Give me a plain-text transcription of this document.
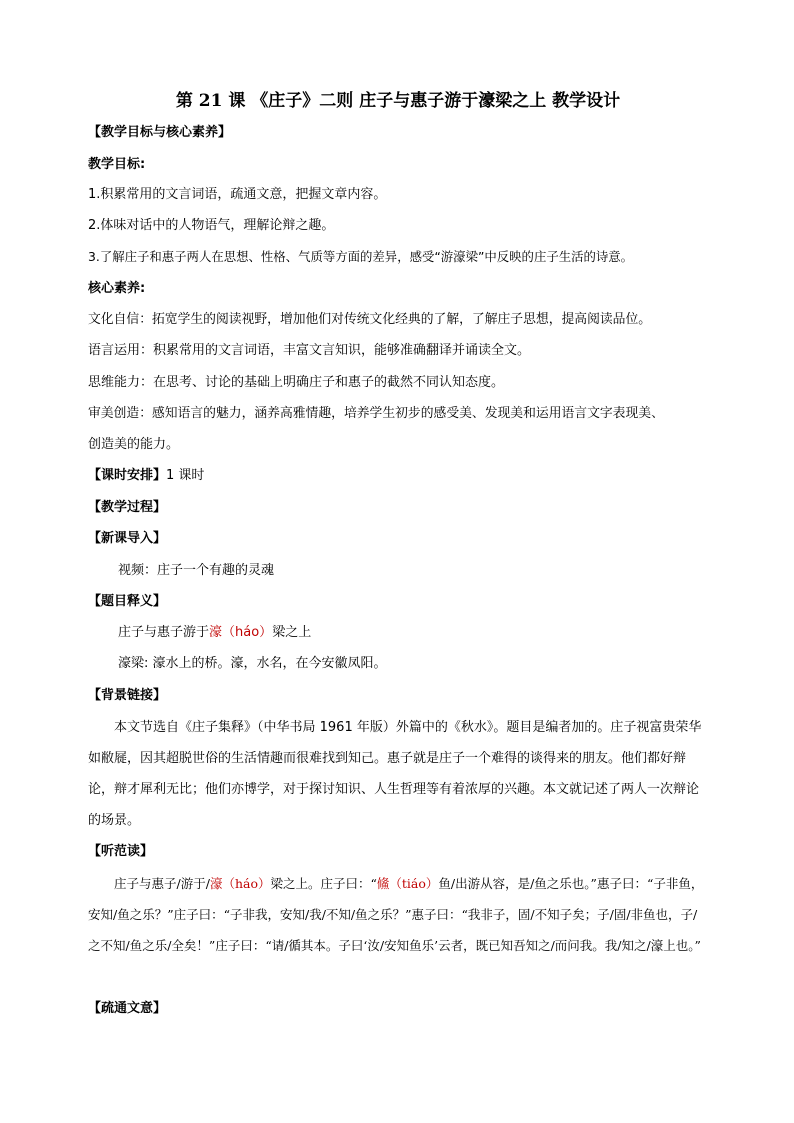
第 21 课 《庄子》二则 庄子与惠子游于濠梁之上 教学设计
【教学目标与核心素养】
教学目标:
1.积累常用的文言词语，疏通文意，把握文章内容。
2.体味对话中的人物语气，理解论辩之趣。
3.了解庄子和惠子两人在思想、性格、气质等方面的差异，感受“游濠梁”中反映的庄子生活的诗意。
核心素养:
文化自信：拓宽学生的阅读视野，增加他们对传统文化经典的了解，了解庄子思想，提高阅读品位。
语言运用：积累常用的文言词语，丰富文言知识，能够准确翻译并诵读全文。
思维能力：在思考、讨论的基础上明确庄子和惠子的截然不同认知态度。
审美创造：感知语言的魅力，涵养高雅情趣，培养学生初步的感受美、发现美和运用语言文字表现美、
创造美的能力。
【课时安排】1 课时
【教学过程】
【新课导入】
视频：庄子一个有趣的灵魂
【题目释义】
庄子与惠子游于濠（háo）梁之上
濠梁: 濠水上的桥。濠，水名，在今安徽凤阳。
【背景链接】
本文节选自《庄子集释》（中华书局 1961 年版）外篇中的《秋水》。题目是编者加的。庄子视富贵荣华如敝屣，因其超脱世俗的生活情趣而很难找到知己。惠子就是庄子一个难得的谈得来的朋友。他们都好辩论，辩才犀利无比；他们亦博学，对于探讨知识、人生哲理等有着浓厚的兴趣。本文就记述了两人一次辩论的场景。
【听范读】
庄子与惠子/游于/濠（háo）梁之上。庄子曰：“鯈（tiáo）鱼/出游从容，是/鱼之乐也。”惠子曰：“子非鱼，安知/鱼之乐？”庄子曰：“子非我，安知/我/不知/鱼之乐？”惠子曰：“我非子，固/不知子矣；子/固/非鱼也，子/之不知/鱼之乐/全矣！”庄子曰：“请/循其本。子曰‘汝/安知鱼乐’云者，既已知吾知之/而问我。我/知之/濠上也。”
【疏通文意】
